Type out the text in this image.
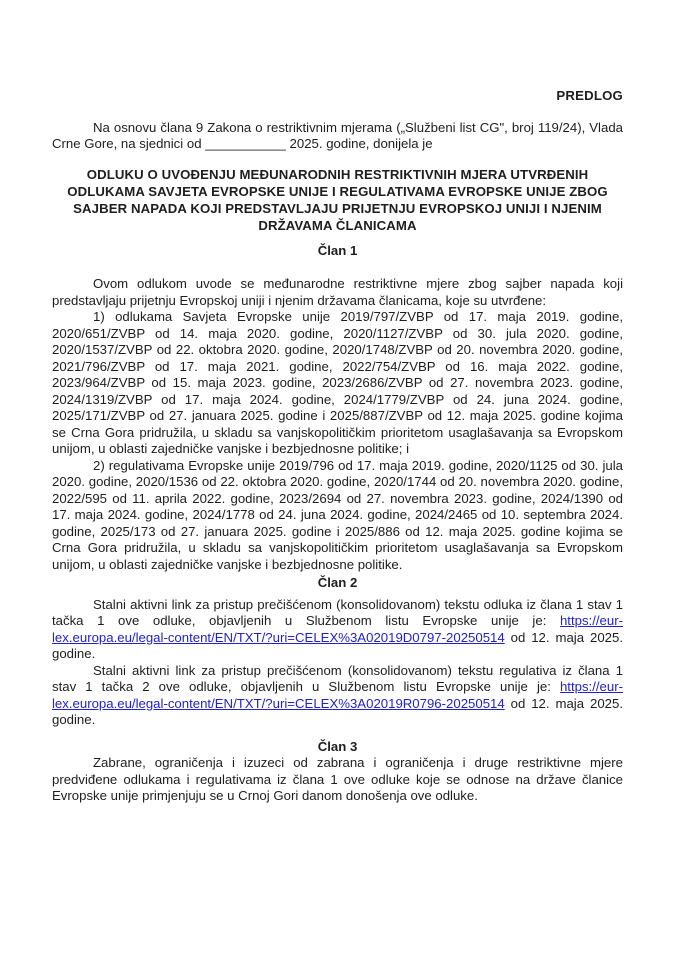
PREDLOG

Na osnovu člana 9 Zakona o restriktivnim mjerama („Službeni list CG", broj 119/24), Vlada Crne Gore, na sjednici od ___________ 2025. godine, donijela je

ODLUKU O UVOĐENJU MEĐUNARODNIH RESTRIKTIVNIH MJERA UTVRĐENIH ODLUKAMA SAVJETA EVROPSKE UNIJE I REGULATIVAMA EVROPSKE UNIJE ZBOG SAJBER NAPADA KOJI PREDSTAVLJAJU PRIJETNJU EVROPSKOJ UNIJI I NJENIM DRŽAVAMA ČLANICAMA
Član 1

Ovom odlukom uvode se međunarodne restriktivne mjere zbog sajber napada koji predstavljaju prijetnju Evropskoj uniji i njenim državama članicama, koje su utvrđene:

1) odlukama Savjeta Evropske unije 2019/797/ZVBP od 17. maja 2019. godine, 2020/651/ZVBP od 14. maja 2020. godine, 2020/1127/ZVBP od 30. jula 2020. godine, 2020/1537/ZVBP od 22. oktobra 2020. godine, 2020/1748/ZVBP od 20. novembra 2020. godine, 2021/796/ZVBP od 17. maja 2021. godine, 2022/754/ZVBP od 16. maja 2022. godine, 2023/964/ZVBP od 15. maja 2023. godine, 2023/2686/ZVBP od 27. novembra 2023. godine, 2024/1319/ZVBP od 17. maja 2024. godine, 2024/1779/ZVBP od 24. juna 2024. godine, 2025/171/ZVBP od 27. januara 2025. godine i 2025/887/ZVBP od 12. maja 2025. godine kojima se Crna Gora pridružila, u skladu sa vanjskopolitičkim prioritetom usaglašavanja sa Evropskom unijom, u oblasti zajedničke vanjske i bezbjednosne politike; i

2) regulativama Evropske unije 2019/796 od 17. maja 2019. godine, 2020/1125 od 30. jula 2020. godine, 2020/1536 od 22. oktobra 2020. godine, 2020/1744 od 20. novembra 2020. godine, 2022/595 od 11. aprila 2022. godine, 2023/2694 od 27. novembra 2023. godine, 2024/1390 od 17. maja 2024. godine, 2024/1778 od 24. juna 2024. godine, 2024/2465 od 10. septembra 2024. godine, 2025/173 od 27. januara 2025. godine i 2025/886 od 12. maja 2025. godine kojima se Crna Gora pridružila, u skladu sa vanjskopolitičkim prioritetom usaglašavanja sa Evropskom unijom, u oblasti zajedničke vanjske i bezbjednosne politike.

Član 2

Stalni aktivni link za pristup prečišćenom (konsolidovanom) tekstu odluka iz člana 1 stav 1 tačka 1 ove odluke, objavljenih u Službenom listu Evropske unije je: https://eur-lex.europa.eu/legal-content/EN/TXT/?uri=CELEX%3A02019D0797-20250514 od 12. maja 2025. godine.

Stalni aktivni link za pristup prečišćenom (konsolidovanom) tekstu regulativa iz člana 1 stav 1 tačka 2 ove odluke, objavljenih u Službenom listu Evropske unije je: https://eur-lex.europa.eu/legal-content/EN/TXT/?uri=CELEX%3A02019R0796-20250514 od 12. maja 2025. godine.

Član 3

Zabrane, ograničenja i izuzeci od zabrana i ograničenja i druge restriktivne mjere predviđene odlukama i regulativama iz člana 1 ove odluke koje se odnose na države članice Evropske unije primjenjuju se u Crnoj Gori danom donošenja ove odluke.
